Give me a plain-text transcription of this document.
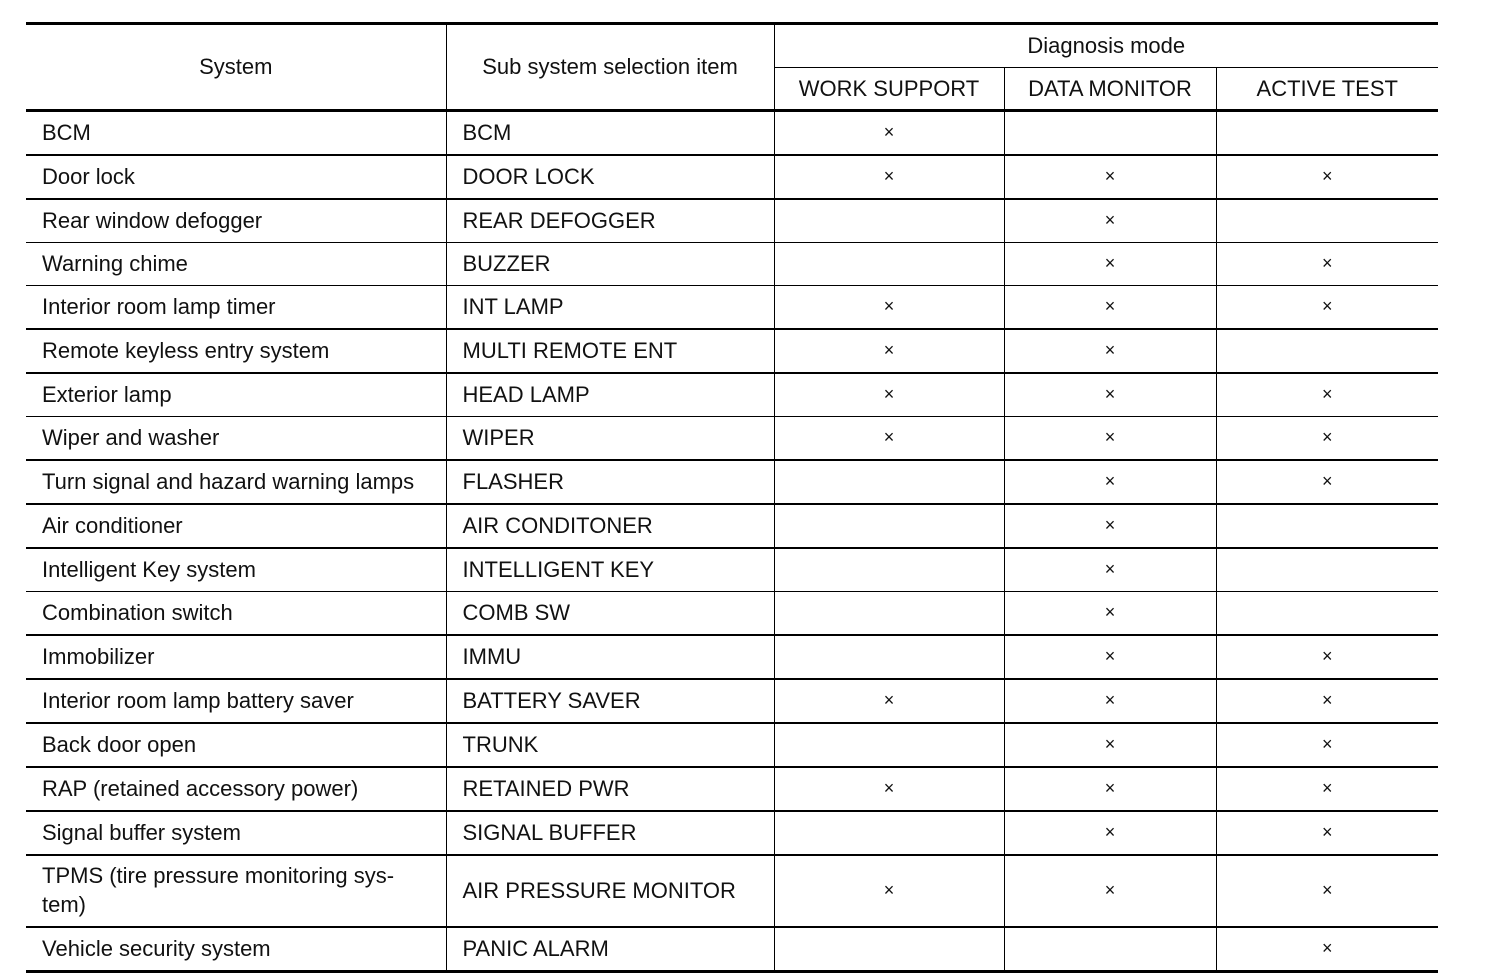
System	Sub system selection item	Diagnosis mode		
		WORK SUPPORT	DATA MONITOR	ACTIVE TEST
BCM	BCM	×		
Door lock	DOOR LOCK	×	×	×
Rear window defogger	REAR DEFOGGER		×	
Warning chime	BUZZER		×	×
Interior room lamp timer	INT LAMP	×	×	×
Remote keyless entry system	MULTI REMOTE ENT	×	×	
Exterior lamp	HEAD LAMP	×	×	×
Wiper and washer	WIPER	×	×	×
Turn signal and hazard warning lamps	FLASHER		×	×
Air conditioner	AIR CONDITONER		×	
Intelligent Key system	INTELLIGENT KEY		×	
Combination switch	COMB SW		×	
Immobilizer	IMMU		×	×
Interior room lamp battery saver	BATTERY SAVER	×	×	×
Back door open	TRUNK		×	×
RAP (retained accessory power)	RETAINED PWR	×	×	×
Signal buffer system	SIGNAL BUFFER		×	×
TPMS (tire pressure monitoring sys-
tem)	AIR PRESSURE MONITOR	×	×	×
Vehicle security system	PANIC ALARM			×
